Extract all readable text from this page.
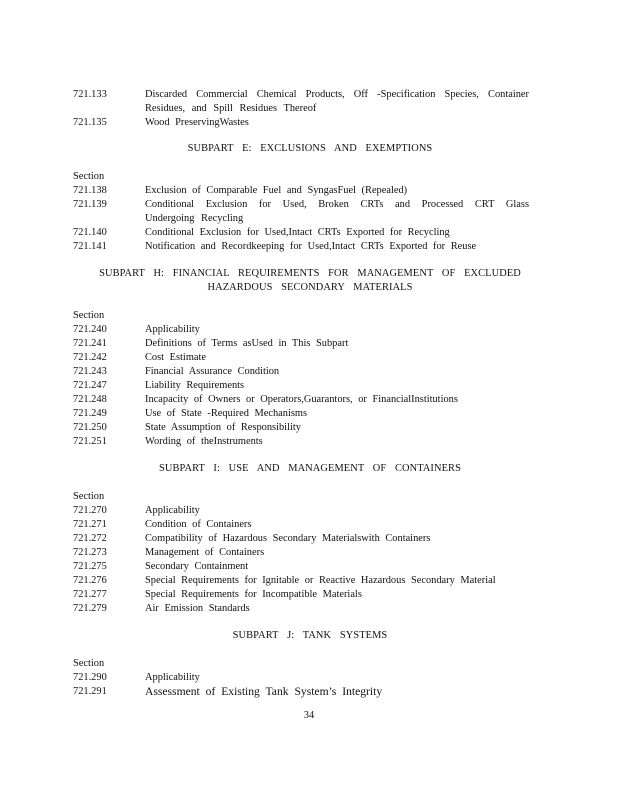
721.133	Discarded Commercial Chemical Products, Off -Specification Species, Container Residues, and Spill Residues Thereof
721.135	Wood PreservingWastes
SUBPART E: EXCLUSIONS AND EXEMPTIONS
Section
721.138	Exclusion of Comparable Fuel and SyngasFuel (Repealed)
721.139	Conditional Exclusion for Used, Broken CRTs and Processed CRT Glass Undergoing Recycling
721.140	Conditional Exclusion for Used,Intact CRTs Exported for Recycling
721.141	Notification and Recordkeeping for Used,Intact CRTs Exported for Reuse
SUBPART H: FINANCIAL REQUIREMENTS FOR MANAGEMENT OF EXCLUDED
HAZARDOUS SECONDARY MATERIALS
Section
721.240	Applicability
721.241	Definitions of Terms asUsed in This Subpart
721.242	Cost Estimate
721.243	Financial Assurance Condition
721.247	Liability Requirements
721.248	Incapacity of Owners or Operators,Guarantors, or FinancialInstitutions
721.249	Use of State -Required Mechanisms
721.250	State Assumption of Responsibility
721.251	Wording of theInstruments
SUBPART I: USE AND MANAGEMENT OF CONTAINERS
Section
721.270	Applicability
721.271	Condition of Containers
721.272	Compatibility of Hazardous Secondary Materialswith Containers
721.273	Management of Containers
721.275	Secondary Containment
721.276	Special Requirements for Ignitable or Reactive Hazardous Secondary Material
721.277	Special Requirements for Incompatible Materials
721.279	Air Emission Standards
SUBPART J: TANK SYSTEMS
Section
721.290	Applicability
721.291	Assessment of Existing Tank System’s Integrity
34
